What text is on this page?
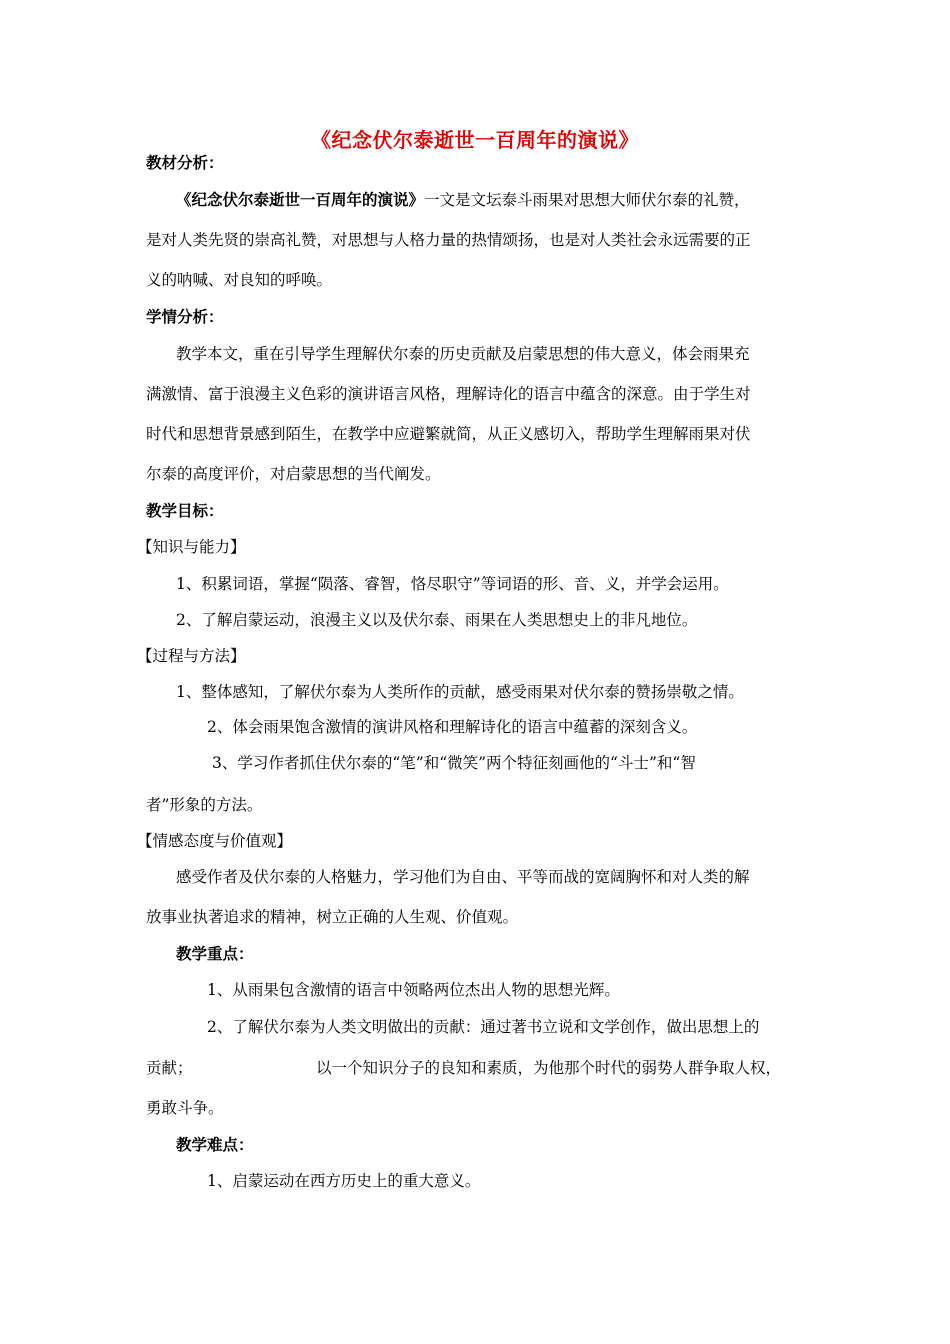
《纪念伏尔泰逝世一百周年的演说》
教材分析：
《纪念伏尔泰逝世一百周年的演说》一文是文坛泰斗雨果对思想大师伏尔泰的礼赞，
是对人类先贤的崇高礼赞，对思想与人格力量的热情颂扬，也是对人类社会永远需要的正
义的呐喊、对良知的呼唤。
学情分析：
教学本文，重在引导学生理解伏尔泰的历史贡献及启蒙思想的伟大意义，体会雨果充
满激情、富于浪漫主义色彩的演讲语言风格，理解诗化的语言中蕴含的深意。由于学生对
时代和思想背景感到陌生，在教学中应避繁就简，从正义感切入，帮助学生理解雨果对伏
尔泰的高度评价，对启蒙思想的当代阐发。
教学目标：
【知识与能力】
1、积累词语，掌握“陨落、睿智，恪尽职守”等词语的形、音、义，并学会运用。
2、了解启蒙运动，浪漫主义以及伏尔泰、雨果在人类思想史上的非凡地位。
【过程与方法】
1、整体感知，了解伏尔泰为人类所作的贡献，感受雨果对伏尔泰的赞扬崇敬之情。
2、体会雨果饱含激情的演讲风格和理解诗化的语言中蕴蓄的深刻含义。
3、学习作者抓住伏尔泰的“笔”和“微笑”两个特征刻画他的“斗士”和“智
者”形象的方法。
【情感态度与价值观】
感受作者及伏尔泰的人格魅力，学习他们为自由、平等而战的宽阔胸怀和对人类的解
放事业执著追求的精神，树立正确的人生观、价值观。
教学重点：
1、从雨果包含激情的语言中领略两位杰出人物的思想光辉。
2、了解伏尔泰为人类文明做出的贡献：通过著书立说和文学创作，做出思想上的
贡献；	以一个知识分子的良知和素质，为他那个时代的弱势人群争取人权，
勇敢斗争。
教学难点：
1、启蒙运动在西方历史上的重大意义。
